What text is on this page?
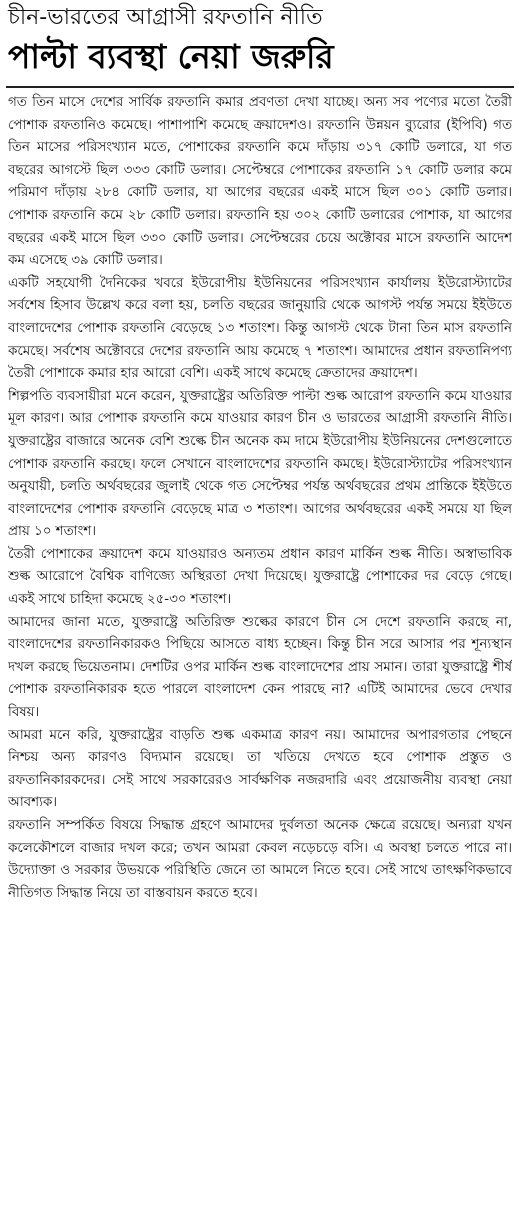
চীন-ভারতের আগ্রাসী রফতানি নীতি
পাল্টা ব্যবস্থা নেয়া জরুরি

গত তিন মাসে দেশের সার্বিক রফতানি কমার প্রবণতা দেখা যাচ্ছে। অন্য সব পণ্যের মতো তৈরী পোশাক রফতানিও কমেছে। পাশাপাশি কমেছে ক্রয়াদেশও। রফতানি উন্নয়ন ব্যুরোর (ইপিবি) গত তিন মাসের পরিসংখ্যান মতে, পোশাকের রফতানি কমে দাঁড়ায় ৩১৭ কোটি ডলারে, যা গত বছরের আগস্টে ছিল ৩৩৩ কোটি ডলার। সেপ্টেম্বরে পোশাকের রফতানি ১৭ কোটি ডলার কমে পরিমাণ দাঁড়ায় ২৮৪ কোটি ডলার, যা আগের বছরের একই মাসে ছিল ৩০১ কোটি ডলার। পোশাক রফতানি কমে ২৮ কোটি ডলার। রফতানি হয় ৩০২ কোটি ডলারের পোশাক, যা আগের বছরের একই মাসে ছিল ৩৩০ কোটি ডলার। সেপ্টেম্বরের চেয়ে অক্টোবর মাসে রফতানি আদেশ কম এসেছে ৩৯ কোটি ডলার।

একটি সহযোগী দৈনিকের খবরে ইউরোপীয় ইউনিয়নের পরিসংখ্যান কার্যালয় ইউরোস্ট্যাটের সর্বশেষ হিসাব উল্লেখ করে বলা হয়, চলতি বছরের জানুয়ারি থেকে আগস্ট পর্যন্ত সময়ে ইইউতে বাংলাদেশের পোশাক রফতানি বেড়েছে ১৩ শতাংশ। কিন্তু আগস্ট থেকে টানা তিন মাস রফতানি কমেছে। সর্বশেষ অক্টোবরে দেশের রফতানি আয় কমেছে ৭ শতাংশ। আমাদের প্রধান রফতানিপণ্য তৈরী পোশাকে কমার হার আরো বেশি। একই সাথে কমেছে ক্রেতাদের ক্রয়াদেশ।

শিল্পপতি ব্যবসায়ীরা মনে করেন, যুক্তরাষ্ট্রের অতিরিক্ত পাল্টা শুল্ক আরোপ রফতানি কমে যাওয়ার মূল কারণ। আর পোশাক রফতানি কমে যাওয়ার কারণ চীন ও ভারতের আগ্রাসী রফতানি নীতি। যুক্তরাষ্ট্রের বাজারে অনেক বেশি শুল্কে চীন অনেক কম দামে ইউরোপীয় ইউনিয়নের দেশগুলোতে পোশাক রফতানি করছে। ফলে সেখানে বাংলাদেশের রফতানি কমছে। ইউরোস্ট্যাটের পরিসংখ্যান অনুযায়ী, চলতি অর্থবছরের জুলাই থেকে গত সেপ্টেম্বর পর্যন্ত অর্থবছরের প্রথম প্রান্তিকে ইইউতে বাংলাদেশের পোশাক রফতানি বেড়েছে মাত্র ৩ শতাংশ। আগের অর্থবছরের একই সময়ে যা ছিল প্রায় ১০ শতাংশ।

তৈরী পোশাকের ক্রয়াদেশ কমে যাওয়ারও অন্যতম প্রধান কারণ মার্কিন শুল্ক নীতি। অস্বাভাবিক শুল্ক আরোপে বৈশ্বিক বাণিজ্যে অস্থিরতা দেখা দিয়েছে। যুক্তরাষ্ট্রে পোশাকের দর বেড়ে গেছে। একই সাথে চাহিদা কমেছে ২৫-৩০ শতাংশ।

আমাদের জানা মতে, যুক্তরাষ্ট্রে অতিরিক্ত শুল্কের কারণে চীন সে দেশে রফতানি করছে না, বাংলাদেশের রফতানিকারকও পিছিয়ে আসতে বাধ্য হচ্ছেন। কিন্তু চীন সরে আসার পর শূন্যস্থান দখল করছে ভিয়েতনাম। দেশটির ওপর মার্কিন শুল্ক বাংলাদেশের প্রায় সমান। তারা যুক্তরাষ্ট্রে শীর্ষ পোশাক রফতানিকারক হতে পারলে বাংলাদেশ কেন পারছে না? এটিই আমাদের ভেবে দেখার বিষয়।

আমরা মনে করি, যুক্তরাষ্ট্রের বাড়তি শুল্ক একমাত্র কারণ নয়। আমাদের অপারগতার পেছনে নিশ্চয় অন্য কারণও বিদ্যমান রয়েছে। তা খতিয়ে দেখতে হবে পোশাক প্রস্তুত ও রফতানিকারকদের। সেই সাথে সরকারেরও সার্বক্ষণিক নজরদারি এবং প্রয়োজনীয় ব্যবস্থা নেয়া আবশ্যক।

রফতানি সম্পর্কিত বিষয়ে সিদ্ধান্ত গ্রহণে আমাদের দুর্বলতা অনেক ক্ষেত্রে রয়েছে। অন্যরা যখন কলেকৌশলে বাজার দখল করে; তখন আমরা কেবল নড়েচড়ে বসি। এ অবস্থা চলতে পারে না। উদ্যোক্তা ও সরকার উভয়কে পরিস্থিতি জেনে তা আমলে নিতে হবে। সেই সাথে তাৎক্ষণিকভাবে নীতিগত সিদ্ধান্ত নিয়ে তা বাস্তবায়ন করতে হবে।
